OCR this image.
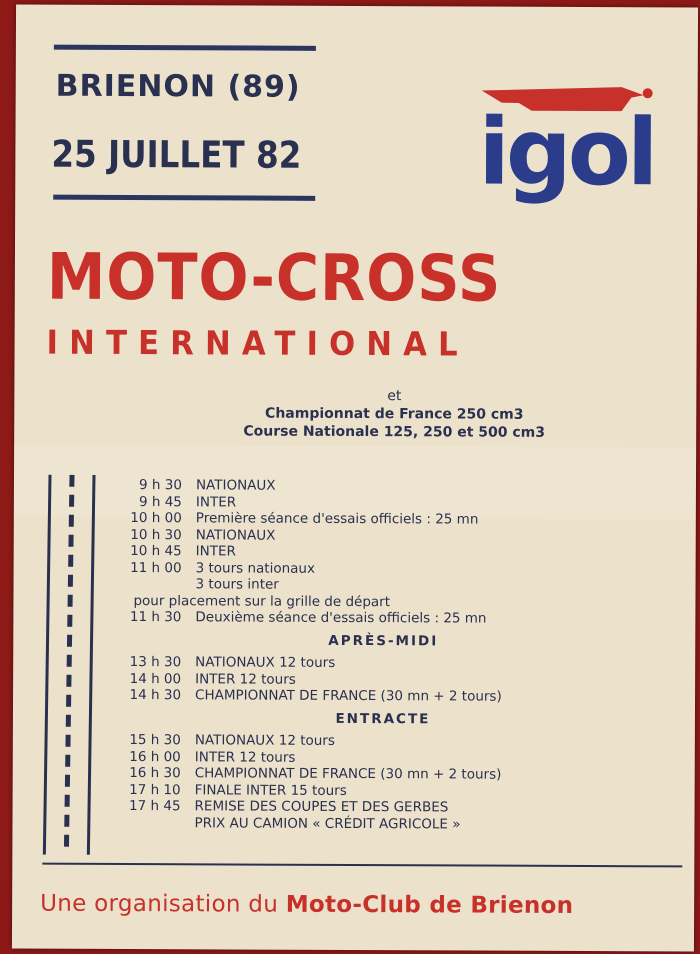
BRIENON (89)
25 JUILLET 82 igol
MOTO-CROSS
INTERNATIONAL
et
Championnat de France 250 cm3
Course Nationale 125, 250 et 500 cm3
9 h 30	NATIONAUX
9 h 45	INTER
10 h 00	Première séance d'essais officiels : 25 mn
10 h 30	NATIONAUX
10 h 45	INTER
11 h 00	3 tours nationaux
3 tours inter
pour placement sur la grille de départ
11 h 30	Deuxième séance d'essais officiels : 25 mn
APRÈS-MIDI
13 h 30	NATIONAUX 12 tours
14 h 00	INTER 12 tours
14 h 30	CHAMPIONNAT DE FRANCE (30 mn + 2 tours)
ENTRACTE
15 h 30	NATIONAUX 12 tours
16 h 00	INTER 12 tours
16 h 30	CHAMPIONNAT DE FRANCE (30 mn + 2 tours)
17 h 10	FINALE INTER 15 tours
17 h 45	REMISE DES COUPES ET DES GERBES
PRIX AU CAMION « CRÉDIT AGRICOLE »
Une organisation du Moto-Club de Brienon
